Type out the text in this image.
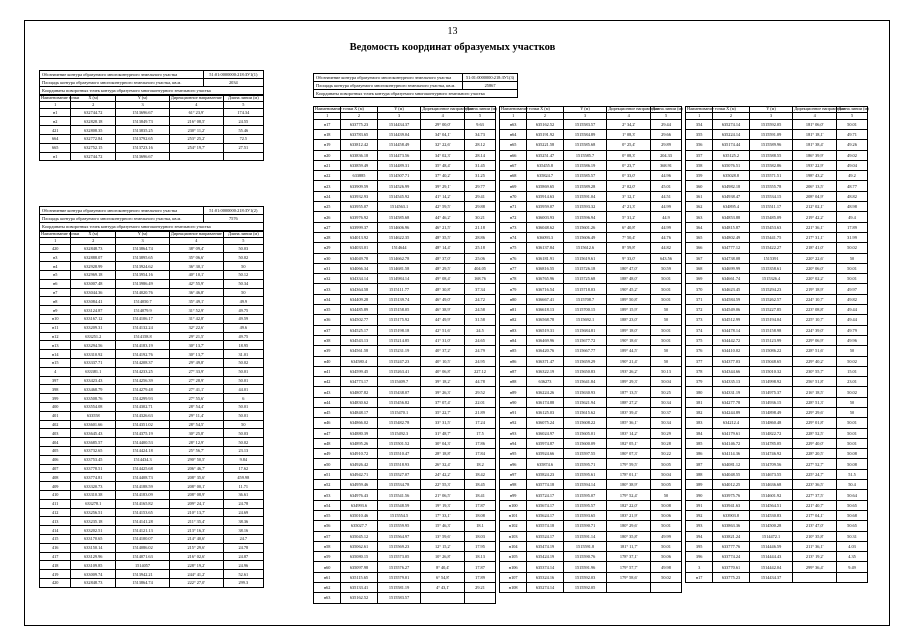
13
Ведомость координат образуемых участков
Обозначение контура образуемого многоконтурного земельного участка	51:01:0000000:218:ЗУ1(1)
Площадь контура образуемого многоконтурного земельного участка, кв.м.	2034
Координаты поворотных точек контура образуемого многоконтурного земельного участка	
Наименование точки	X (м)	Y (м)	Дирекционное направление	Длина линии (м)
1	2	3	4	5
н1	632744.72	1513696.67	61° 23,9'	174.34
н2	632828.18	1513849.73	216° 08,5'	24.55
421	632808.35	1513835.25	230° 11,2'	55.46
664	632772.84	1513792.65	253° 25,2'	72.5
665	632752.15	1513723.16	254° 19,7'	27.51
н1	632744.72	1513696.67		
Обозначение контура образуемого многоконтурного земельного участка	51:01:0000000:218:ЗУ1(2)
Площадь контура образуемого многоконтурного земельного участка, кв.м.	7576
Координаты поворотных точек контура образуемого многоконтурного земельного участка	
Наименование точки	X (м)	Y (м)	Дирекционное направление	Длина линии (м)
1	2	3	4	5
420	632848.73	1513864.74	38° 09,4'	50.03
н3	632888.07	1513895.65	35° 06,6'	50.02
н4	632928.99	1513924.62	36° 30,1'	50
н5	632969.18	1513954.16	40° 10,1'	50.12
н6	633007.48	1513986.49	42° 55,9'	50.34
н7	633044.36	1514020.76	36° 46,8'	50
н8	633084.41	1514050.7	35° 49,1'	49.9
н9	633124.87	1514079.9	31° 52,9'	49.75
н10	633167.12	1514106.17	31° 42,8'	49.59
н11	633209.31	1514132.24	32° 22,6'	49.6
н12	633251.2	1514158.8	29° 21,5'	49.75
н13	633294.56	1514183.19	30° 13,7'	18.95
н14	633310.92	1514192.76	30° 13,7'	31.01
н15	633337.71	1514208.37	29° 49,8'	50.02
4	633381.1	1514233.25	27° 33,9'	50.01
397	633423.43	1514256.39	27° 28,9'	50.01
398	633468.79	1514279.48	27° 41,1'	44.01
399	633508.76	1514299.93	27° 55,6'	6
400	633554.08	1514302.71	28° 54,4'	50.01
401	633558	1514326.63	29° 11,4'	50.01
402	633601.66	1514351.02	28° 54,5'	50
403	633645.43	1514375.19	30° 25,8'	50.03
404	633685.57	1514400.53	28° 12,9'	50.02
405	633732.65	1514424.18	25° 56,7'	23.13
406	633753.45	1514434.3	290° 50,5'	9.84
407	633778.51	1514425.68	206° 46,7'	17.62
408	633774.81	1514408.73	208° 35,6'	459.98
409	633320.73	1514188.59	208° 00,1'	11.71
410	633310.38	1514183.09	208° 08,9'	36.61
411	633278.1	1514165.82	209° 24,1'	24.78
412	633256.51	1514153.65	210° 13,7'	24.69
413	633235.18	1514141.28	211° 35,4'	38.36
414	633202.51	1514121.13	213° 16,3'	38.16
415	633170.65	1514100.07	214° 40,6'	24.7
416	633150.14	1514086.02	215° 29,6'	24.78
417	633129.96	1514071.63	216° 02,6'	24.87
418	633109.85	1514057	228° 19,2'	24.96
419	633009.74	1513942.21	244° 41,2'	52.61
420	632848.73	1513864.74	222° 27,0'	299.3
Обозначение контура образуемого многоконтурного земельного участка	51:01:0000000:218:ЗУ1(3)
Площадь контура образуемого многоконтурного земельного участка, кв.м.	25867
Координаты поворотных точек контура образуемого многоконтурного земельного участка	
Наименование точки	X (м)	Y (м)	Дирекционное направление	Длина линии (м)
1	2	3	4	5
н17	633775.23	1514434.37	29° 00,0'	9.63
н18	633783.65	1514439.04	34° 04,1'	34.73
н19	633812.42	1514458.49	32° 22,6'	28.12
н20	633836.18	1514473.56	34° 02,3'	28.14
н21	633859.49	1514489.31	35° 48,4'	31.45
н22	633885	1514507.71	37° 40,2'	31.25
н23	633909.59	1514526.99	39° 29,1'	29.77
н24	633932.93	1514545.92	41° 14,2'	29.41
н25	633955.07	1514563.1	42° 59,5'	29.88
н26	633976.92	1514585.68	44° 46,2'	30.21
н27	633999.37	1514606.96	46° 21,5'	21.18
н28	634013.92	1514622.35	48° 35,5'	28.86
н29	634033.01	1514644	48° 14,4'	25.18
н30	634049.78	1514662.78	48° 37,0'	25.06
н31	634066.34	1514681.58	48° 29,5'	404.05
н32	634334.14	1514984.14	49° 08,4'	168.76
н33	634364.58	1515111.77	48° 30,8'	37.34
н34	634409.28	1515139.74	46° 49,0'	24.72
н35	634485.89	1515158.05	46° 38,9'	24.58
н36	634502.77	1515175.92	44° 49,9'	31.58
н37	634525.17	1515198.18	42° 51,6'	24.5
н38	634543.13	1515214.85	41° 31,0'	24.65
н39	634561.58	1515231.19	40° 37,2'	24.79
н40	634580.4	1515247.23	40° 10,5'	24.95
н41	634599.45	1515263.41	40° 06,8'	227.12
н42	634773.17	1515409.7	39° 18,2'	44.78
н43	634807.82	1515438.07	39° 26,3'	29.52
н44	634830.62	1515456.82	37° 07,4'	22.01
н45	634848.17	1515470.1	35° 22,7'	21.89
н46	634866.02	1515482.78	33° 31,5'	17.24
н47	634880.39	1515492.3	31° 48,7'	17.5
н48	634895.26	1515501.52	30° 04,3'	17.86
н49	634910.72	1515510.47	28° 18,8'	17.84
н50	634926.42	1515518.93	26° 32,4'	18.2
н51	634942.71	1515527.07	24° 42,2'	18.42
н52	634959.46	1515534.78	22° 55,3'	18.45
н53	634976.43	1515541.56	21° 06,5'	18.41
н54	634993.6	1515548.59	19° 19,3'	17.87
н55	635010.46	1515554.5	17° 33,1'	18.08
н56	635027.7	1515559.95	15° 46,3'	18.1
н57	635045.12	1515564.97	13° 59,6'	18.03
н58	635062.61	1515569.23	12° 15,2'	17.95
н59	635080.15	1515573.05	10° 26,8'	18.13
н60	635097.98	1515576.27	8° 40,4'	17.87
н61	635115.65	1515579.01	6° 54,8'	17.89
н62	635133.41	1515581.19	4° 43,1'	29.21
н63	635162.52	1515583.57		
Наименование точки	X (м)	Y (м)	Дирекционное направление	Длина линии (м)
1	2	3	4	5
н63	635162.52	1515583.57	2° 34,2'	29.44
н64	635191.92	1515584.89	1° 08,3'	29.66
н65	635221.58	1515585.68	0° 25,4'	29.89
н66	635251.47	1515585.7	0° 08,3'	204.33
н67	635455.8	1515586.19	0° 23,7'	368.91
н68	635824.7	1515585.57	0° 33,0'	44.96
н69	635869.65	1515589.28	2° 02,0'	45.01
н70	635914.63	1515591.04	3° 12,1'	44.51
н71	635959.07	1515593.32	4° 21,3'	44.99
н72	636003.93	1515596.94	5° 31,2'	44.9
н73	636048.62	1515601.26	6° 40,8'	44.99
н74	636093.3	1515606.49	7° 50,4'	44.76
н75	636137.84	1515612.6	8° 59,8'	44.82
н76	636181.91	1515619.61	9° 33,0'	643.56
н77	636816.55	1515726.18	180° 47,0'	50.59
н78	636765.96	1515725.68	188° 48,0'	50.01
н79	636716.54	1515718.03	190° 45,2'	50.01
н80	636667.41	1515708.7	189° 50,8'	50.01
н81	636618.13	1515700.15	189° 15,9'	50
н82	636568.78	1515692.1	188° 23,0'	50
н83	636519.31	1515684.81	189° 18,0'	50.01
н84	636469.96	1515677.72	190° 18,6'	50.01
н85	636420.76	1515667.77	189° 44,5'	50
н86	636371.47	1515659.29	190° 21,4'	50
н87	636322.19	1515650.83	193° 26,2'	50.13
н88	636273	1515641.84	189° 29,3'	50.04
н89	636224.26	1515630.93	187° 13,5'	50.25
н90	636174.88	1515621.94	188° 27,2'	50.34
н91	636125.03	1515615.62	183° 39,4'	50.37
н92	636075.24	1515608.22	185° 36,1'	50.34
н93	636024.97	1515605.01	183° 14,2'	50.29
н94	635974.87	1515600.09	182° 05,1'	50.28
н95	635924.66	1515597.55	180° 07,3'	50.22
н96	635874.6	1515595.71	179° 59,5'	50.05
н97	635824.23	1515595.61	178° 01,1'	50.04
н98	635774.18	1515594.14	180° 38,9'	50.05
н99	635724.17	1515595.07	179° 52,4'	50
н100	635674.17	1515595.57	182° 22,0'	50.08
н101	635624.17	1515593.65	183° 21,9'	50.06
н102	635574.18	1515590.71	180° 29,6'	50.01
н103	635524.17	1515591.14	180° 35,8'	49.99
н104	635474.19	1515591.8	181° 11,7'	50.01
н105	635424.19	1515590.76	178° 37,1'	50.06
н106	635374.14	1515591.96	179° 57,7'	49.98
н107	635324.16	1515592.03	179° 58,6'	50.02
н108	635274.14	1515592.05		
Наименование точки	X (м)	Y (м)	Дирекционное направление	Длина линии (м)
1	2	3	4	5
354	635274.14	1515592.05	181° 06,0'	50.01
355	635224.14	1515591.09	181° 18,1'	49.71
356	635174.44	1515589.96	181° 38,4'	49.26
357	635125.2	1515588.55	186° 39,9'	49.02
358	635076.51	1515582.86	193° 22,9'	49.04
359	635028.8	1515571.51	198° 43,2'	49.2
360	634982.18	1515555.78	206° 13,5'	48.77
361	634938.47	1515534.15	208° 04,9'	48.82
362	634895.4	1515511.17	212° 02,1'	48.98
363	634853.88	1515485.09	219° 42,2'	49.4
364	634815.87	1515453.63	221° 36,1'	17.89
365	634802.49	1515441.75	217° 31,1'	31.99
366	634777.12	1515422.27	218° 41,0'	50.02
367	634738.08	1515391	220° 22,6'	50
368	634699.99	1515358.61	220° 06,0'	50.01
369	634661.74	1515326.4	220° 02,2'	50.01
370	634623.45	1515294.23	219° 18,9'	49.97
371	634584.59	1515262.57	224° 10,7'	49.82
372	634549.06	1515227.85	223° 08,8'	49.44
373	634512.99	1515194.04	225° 10,7'	49.44
374	634478.14	1515158.98	224° 39,0'	49.79
375	634442.72	1515123.99	229° 06,9'	49.96
376	634410.02	1515086.22	228° 51,6'	50
377	634377.03	1515048.65	229° 40,2'	50.02
378	634344.66	1515010.32	230° 55,7'	15.01
379	634335.13	1514998.92	256° 51,8'	23.01
380	634331.19	1514975.37	216° 18,5'	50.02
381	634277.78	1514936.15	228° 51,3'	50
382	634244.89	1514898.49	229° 29,6'	50
383	634212.4	1514860.48	229° 01,8'	50.01
384	634179.61	1514822.72	228° 52,5'	50.01
385	634146.72	1514785.05	229° 40,0'	50.01
386	634114.36	1514746.92	228° 20,5'	50.08
387	634081.12	1514709.56	227° 52,7'	50.08
388	634048.55	1514673.55	225° 24,7'	51.5
389	634012.25	1514636.68	223° 36,5'	50.4
390	633975.76	1514601.92	227° 37,5'	50.64
391	633941.63	1514564.51	221° 40,7'	50.65
392	633903.8	1514530.83	217° 04,1'	50.68
393	633863.36	1514500.28	213° 47,0'	50.65
394	633821.24	1514472.1	210° 35,8'	50.31
395	633777.76	1514446.59	211° 36,1'	4.03
396	633774.24	1514444.43	213° 19,2'	4.35
3	633770.61	1514442.04	299° 36,4'	9.49
н17	633775.23	1514434.37		
